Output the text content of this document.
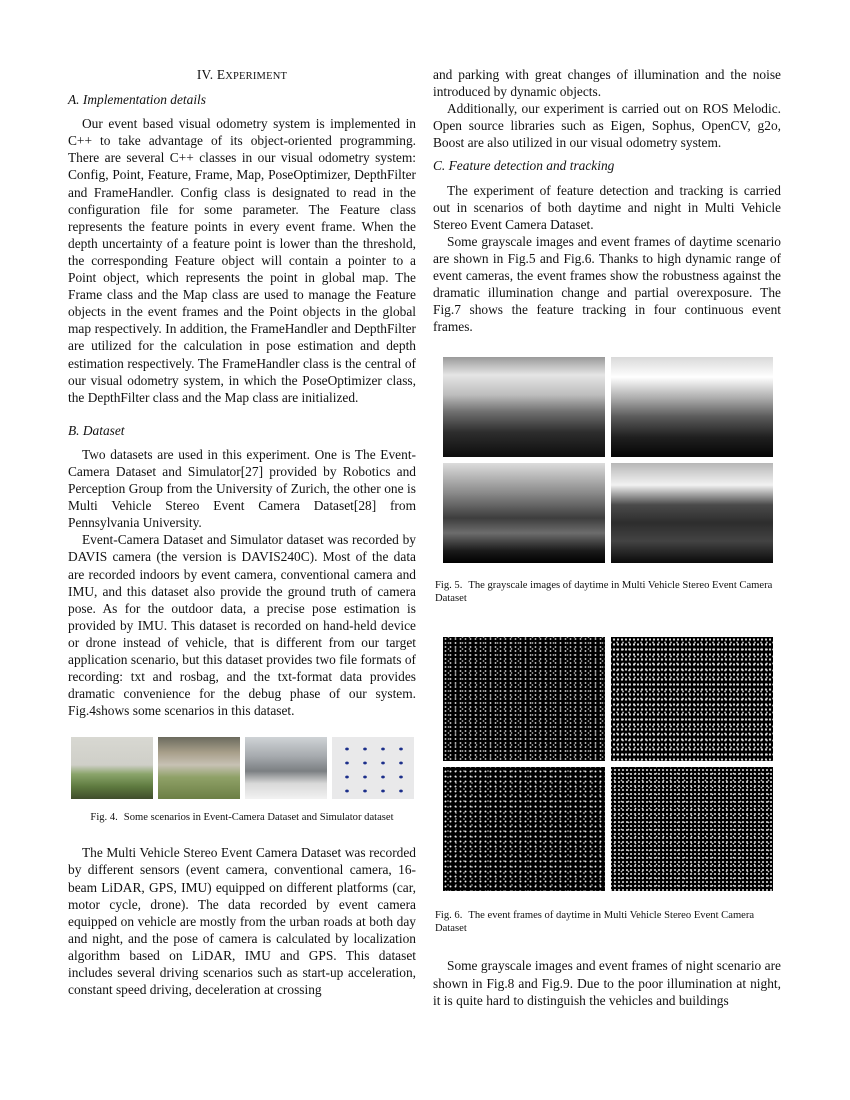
IV. EXPERIMENT
A. Implementation details

Our event based visual odometry system is implemented in C++ to take advantage of its object-oriented programming. There are several C++ classes in our visual odometry system: Config, Point, Feature, Frame, Map, PoseOptimizer, DepthFilter and FrameHandler. Config class is designated to read in the configuration file for some parameter. The Feature class represents the feature points in every event frame. When the depth uncertainty of a feature point is lower than the threshold, the corresponding Feature object will contain a pointer to a Point object, which represents the point in global map. The Frame class and the Map class are used to manage the Feature objects in the event frames and the Point objects in the global map respectively. In addition, the FrameHandler and DepthFilter are utilized for the calculation in pose estimation and depth estimation respectively. The FrameHandler class is the central of our visual odometry system, in which the PoseOptimizer class, the DepthFilter class and the Map class are initialized.

B. Dataset

Two datasets are used in this experiment. One is The Event-Camera Dataset and Simulator[27] provided by Robotics and Perception Group from the University of Zurich, the other one is Multi Vehicle Stereo Event Camera Dataset[28] from Pennsylvania University.

Event-Camera Dataset and Simulator dataset was recorded by DAVIS camera (the version is DAVIS240C). Most of the data are recorded indoors by event camera, conventional camera and IMU, and this dataset also provide the ground truth of camera pose. As for the outdoor data, a precise pose estimation is provided by IMU. This dataset is recorded on hand-held device or drone instead of vehicle, that is different from our target application scenario, but this dataset provides two file formats of recording: txt and rosbag, and the txt-format data provides dramatic convenience for the debug phase of our system. Fig.4shows some scenarios in this dataset.

Fig. 4. Some scenarios in Event-Camera Dataset and Simulator dataset

The Multi Vehicle Stereo Event Camera Dataset was recorded by different sensors (event camera, conventional camera, 16-beam LiDAR, GPS, IMU) equipped on different platforms (car, motor cycle, drone). The data recorded by event camera equipped on vehicle are mostly from the urban roads at both day and night, and the pose of camera is calculated by localization algorithm based on LiDAR, IMU and GPS. This dataset includes several driving scenarios such as start-up acceleration, constant speed driving, deceleration at crossing

and parking with great changes of illumination and the noise introduced by dynamic objects.

Additionally, our experiment is carried out on ROS Melodic. Open source libraries such as Eigen, Sophus, OpenCV, g2o, Boost are also utilized in our visual odometry system.

C. Feature detection and tracking

The experiment of feature detection and tracking is carried out in scenarios of both daytime and night in Multi Vehicle Stereo Event Camera Dataset.

Some grayscale images and event frames of daytime scenario are shown in Fig.5 and Fig.6. Thanks to high dynamic range of event cameras, the event frames show the robustness against the dramatic illumination change and partial overexposure. The Fig.7 shows the feature tracking in four continuous event frames.

Fig. 5. The grayscale images of daytime in Multi Vehicle Stereo Event Camera Dataset
Fig. 6. The event frames of daytime in Multi Vehicle Stereo Event Camera Dataset

Some grayscale images and event frames of night scenario are shown in Fig.8 and Fig.9. Due to the poor illumination at night, it is quite hard to distinguish the vehicles and buildings
